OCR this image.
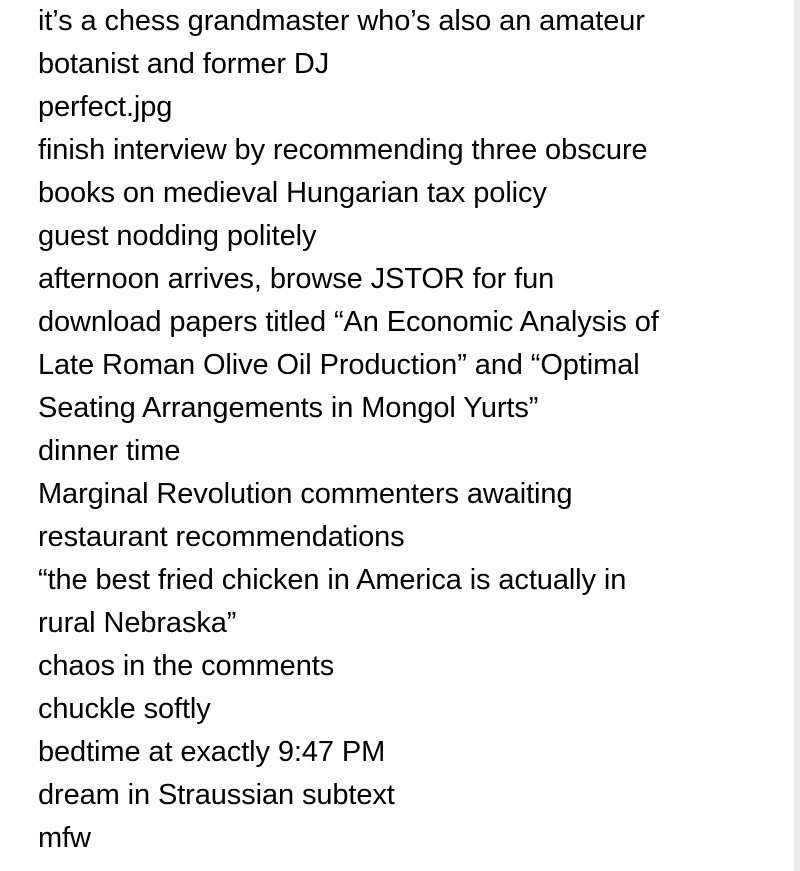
it’s a chess grandmaster who’s also an amateur
botanist and former DJ
perfect.jpg
finish interview by recommending three obscure
books on medieval Hungarian tax policy
guest nodding politely
afternoon arrives, browse JSTOR for fun
download papers titled “An Economic Analysis of
Late Roman Olive Oil Production” and “Optimal
Seating Arrangements in Mongol Yurts”
dinner time
Marginal Revolution commenters awaiting
restaurant recommendations
“the best fried chicken in America is actually in
rural Nebraska”
chaos in the comments
chuckle softly
bedtime at exactly 9:47 PM
dream in Straussian subtext
mfw
